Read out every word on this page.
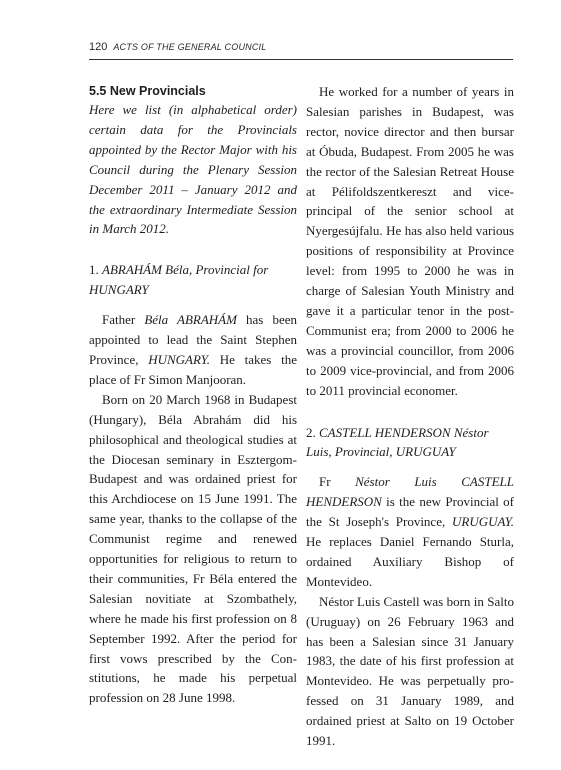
120 ACTS OF THE GENERAL COUNCIL

5.5 New Provincials

Here we list (in alphabetical order) certain data for the Provincials appointed by the Rector Major with his Council during the Plenary Session December 2011 – January 2012 and the extraordinary Intermediate Session in March 2012.

1. ABRAHÁM Béla, Provincial for HUNGARY

Father Béla ABRAHÁM has been appointed to lead the Saint Stephen Province, HUNGARY. He takes the place of Fr Simon Manjooran.

Born on 20 March 1968 in Budapest (Hungary), Béla Abrahám did his philosophical and theological studies at the Diocesan seminary in Esztergom-Budapest and was ordained priest for this Archdiocese on 15 June 1991. The same year, thanks to the collapse of the Communist regime and renewed opportunities for religious to return to their communities, Fr Béla entered the Salesian novitiate at Szombathely, where he made his first profession on 8 September 1992. After the period for first vows prescribed by the Constitutions, he made his perpetual profession on 28 June 1998.

He worked for a number of years in Salesian parishes in Budapest, was rector, novice director and then bursar at Óbuda, Budapest. From 2005 he was the rector of the Salesian Retreat House at Pélifoldszentkereszt and vice-principal of the senior school at Nyergesújfalu. He has also held various positions of responsibility at Province level: from 1995 to 2000 he was in charge of Salesian Youth Ministry and gave it a particular tenor in the post-Communist era; from 2000 to 2006 he was a provincial councillor, from 2006 to 2009 vice-provincial, and from 2006 to 2011 provincial economer.

2. CASTELL HENDERSON Néstor Luis, Provincial, URUGUAY

Fr Néstor Luis CASTELL HENDERSON is the new Provincial of the St Joseph's Province, URUGUAY. He replaces Daniel Fernando Sturla, ordained Auxiliary Bishop of Montevideo.

Néstor Luis Castell was born in Salto (Uruguay) on 26 February 1963 and has been a Salesian since 31 January 1983, the date of his first profession at Montevideo. He was perpetually professed on 31 January 1989, and ordained priest at Salto on 19 October 1991.
